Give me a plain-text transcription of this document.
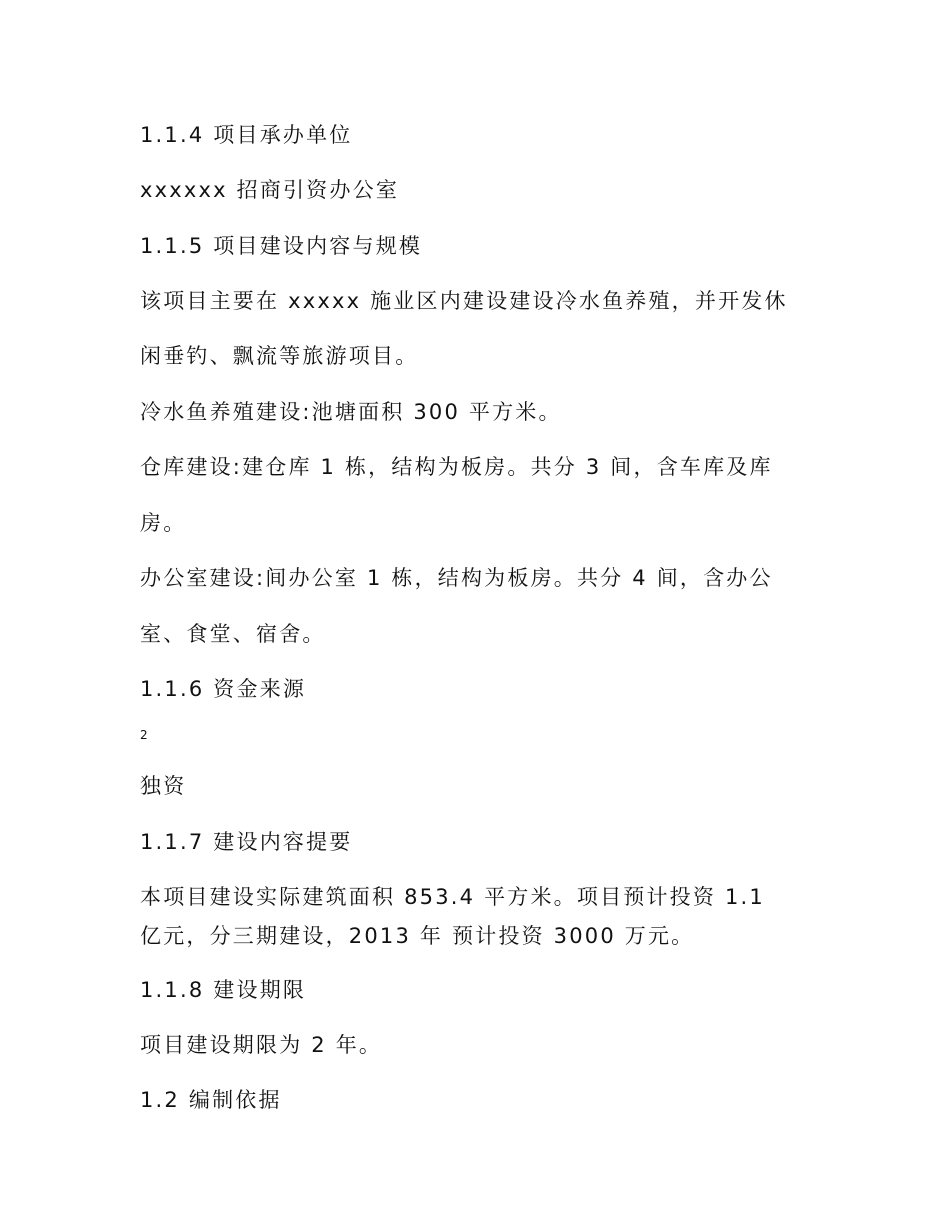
1.1.4 项目承办单位
xxxxxx 招商引资办公室
1.1.5 项目建设内容与规模
该项目主要在 xxxxx 施业区内建设建设冷水鱼养殖，并开发休
闲垂钓、飘流等旅游项目。
冷水鱼养殖建设:池塘面积 300 平方米。
仓库建设:建仓库 1 栋，结构为板房。共分 3 间，含车库及库
房。
办公室建设:间办公室 1 栋，结构为板房。共分 4 间，含办公
室、食堂、宿舍。
1.1.6 资金来源
2
独资
1.1.7 建设内容提要
本项目建设实际建筑面积 853.4 平方米。项目预计投资 1.1
亿元，分三期建设，2013 年 预计投资 3000 万元。
1.1.8 建设期限
项目建设期限为 2 年。
1.2 编制依据
